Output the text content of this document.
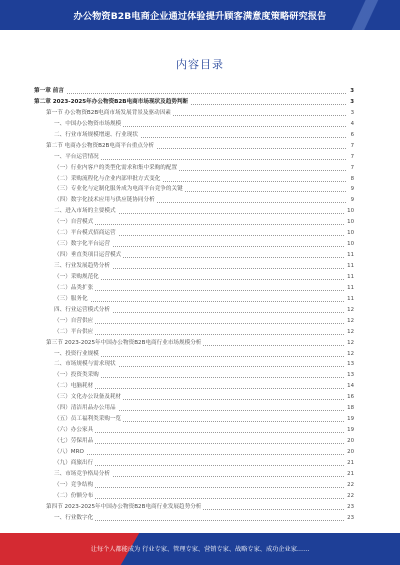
办公物资B2B电商企业通过体验提升顾客满意度策略研究报告
内容目录
第一章 前言	3
第二章 2023-2025年办公物资B2B电商市场现状及趋势判断	3
第一节 办公物资B2B电商市场发展背景及驱动因素	3
一、中国办公物资市场规模	4
二、行业市场规模增速、行业现状	6
第二节 电商办公物资B2B电商平台重点分析	7
一、平台运营情况	7
（一）行业内客户的类型化需求和集中采购的配置	7
（二）采购流程化与企业内部审批方式变化	8
（三）专业化与定制化服务成为电商平台竞争的关键	9
（四）数字化技术应用与供应链协同分析	9
二、进入市场的主要模式	10
（一）自营模式	10
（二）平台模式招商运营	10
（三）数字化平台运营	10
（四）垂直类项目运营模式	11
三、行业发展趋势分析	11
（一）采购规范化	11
（二）品类扩张	11
（三）服务化	11
四、行业运营模式分析	12
（一）自营供应	12
（二）平台供应	12
第三节 2023-2025年中国办公物资B2B电商行业市场规模分析	12
一、投资行业规模	12
二、市场规模与需求现状	13
（一）投资类采购	13
（二）电脑耗材	14
（三）文化办公设备及耗材	16
（四）清洁用品办公用品	18
（五）员工福利类采购一览	19
（六）办公家具	19
（七）劳保用品	20
（八）MRO	20
（九）商旅出行	21
三、市场竞争格局分析	21
（一）竞争结构	22
（二）份额分布	22
第四节 2023-2025年中国办公物资B2B电商行业发展趋势分析	23
一、行业数字化	23
让每个人都能成为 行业专家、管理专家、营销专家、战略专家、成功企业家……
